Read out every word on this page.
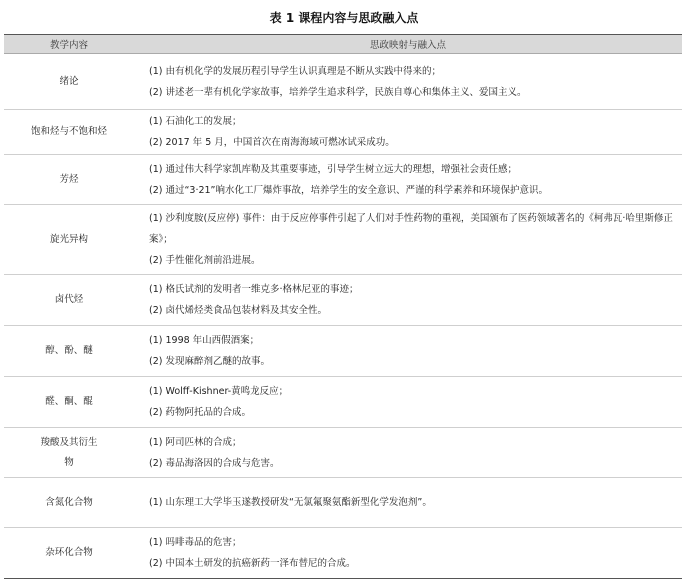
表 1 课程内容与思政融入点
教学内容	思政映射与融入点
绪论	(1) 由有机化学的发展历程引导学生认识真理是不断从实践中得来的；
(2) 讲述老一辈有机化学家故事，培养学生追求科学，民族自尊心和集体主义、爱国主义。

饱和烃与不饱和烃	(1) 石油化工的发展；
(2) 2017 年 5 月，中国首次在南海海域可燃冰试采成功。

芳烃	(1) 通过伟大科学家凯库勒及其重要事迹，引导学生树立远大的理想，增强社会责任感；
(2) 通过“3·21”响水化工厂爆炸事故，培养学生的安全意识、严谨的科学素养和环境保护意识。

旋光异构	(1) 沙利度胺(反应停) 事件：由于反应停事件引起了人们对手性药物的重视，美国颁布了医药领域著名的《柯弗瓦·哈里斯修正案》；
(2) 手性催化剂前沿进展。

卤代烃	(1) 格氏试剂的发明者一维克多·格林尼亚的事迹；
(2) 卤代烯烃类食品包装材料及其安全性。

醇、酚、醚	(1) 1998 年山西假酒案；
(2) 发现麻醉剂乙醚的故事。

醛、酮、醌	(1) Wolff-Kishner-黄鸣龙反应；
(2) 药物阿托品的合成。

羧酸及其衍生物	(1) 阿司匹林的合成；
(2) 毒品海洛因的合成与危害。

含氮化合物	(1) 山东理工大学毕玉遂教授研发“无氯氟聚氨酯新型化学发泡剂”。

杂环化合物	(1) 吗啡毒品的危害；
(2) 中国本土研发的抗癌新药一泽布替尼的合成。
